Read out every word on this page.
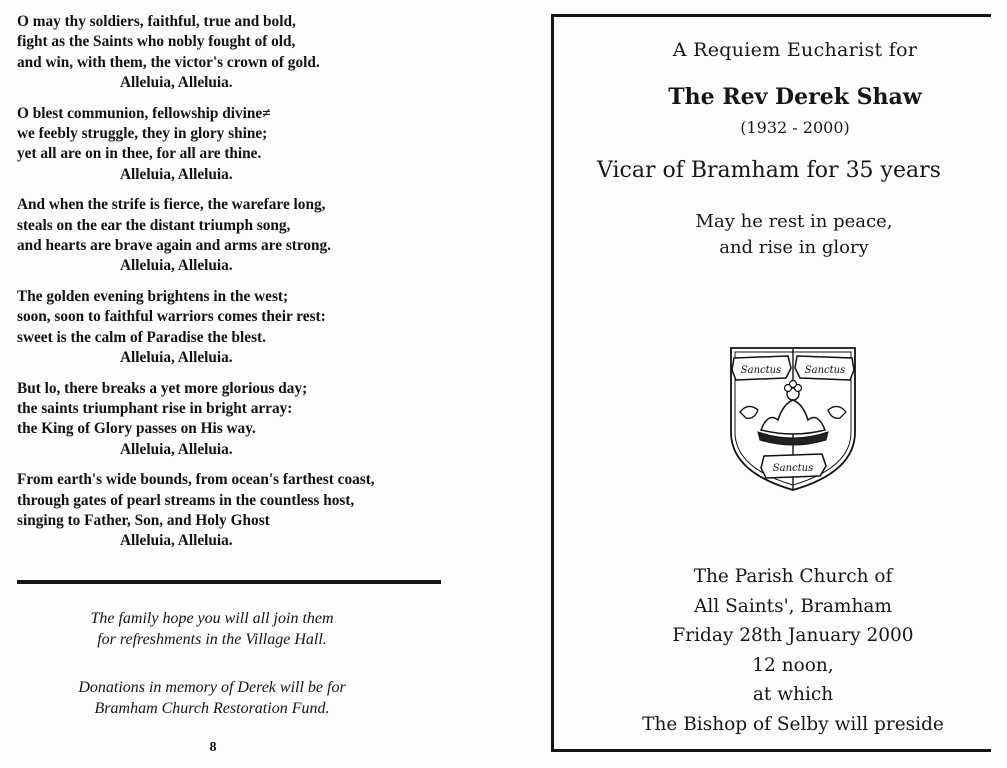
O may thy soldiers, faithful, true and bold,
fight as the Saints who nobly fought of old,
and win, with them, the victor's crown of gold.
Alleluia, Alleluia.
O blest communion, fellowship divine≠
we feebly struggle, they in glory shine;
yet all are on in thee, for all are thine.
Alleluia, Alleluia.
And when the strife is fierce, the warefare long,
steals on the ear the distant triumph song,
and hearts are brave again and arms are strong.
Alleluia, Alleluia.
The golden evening brightens in the west;
soon, soon to faithful warriors comes their rest:
sweet is the calm of Paradise the blest.
Alleluia, Alleluia.
But lo, there breaks a yet more glorious day;
the saints triumphant rise in bright array:
the King of Glory passes on His way.
Alleluia, Alleluia.
From earth's wide bounds, from ocean's farthest coast,
through gates of pearl streams in the countless host,
singing to Father, Son, and Holy Ghost
Alleluia, Alleluia.
The family hope you will all join them
for refreshments in the Village Hall.
Donations in memory of Derek will be for
Bramham Church Restoration Fund.
8
A Requiem Eucharist for
The Rev Derek Shaw
(1932 - 2000)
Vicar of Bramham for 35 years
May he rest in peace,
and rise in glory
Sanctus Sanctus
Sanctus
The Parish Church of
All Saints', Bramham
Friday 28th January 2000
12 noon,
at which
The Bishop of Selby will preside
